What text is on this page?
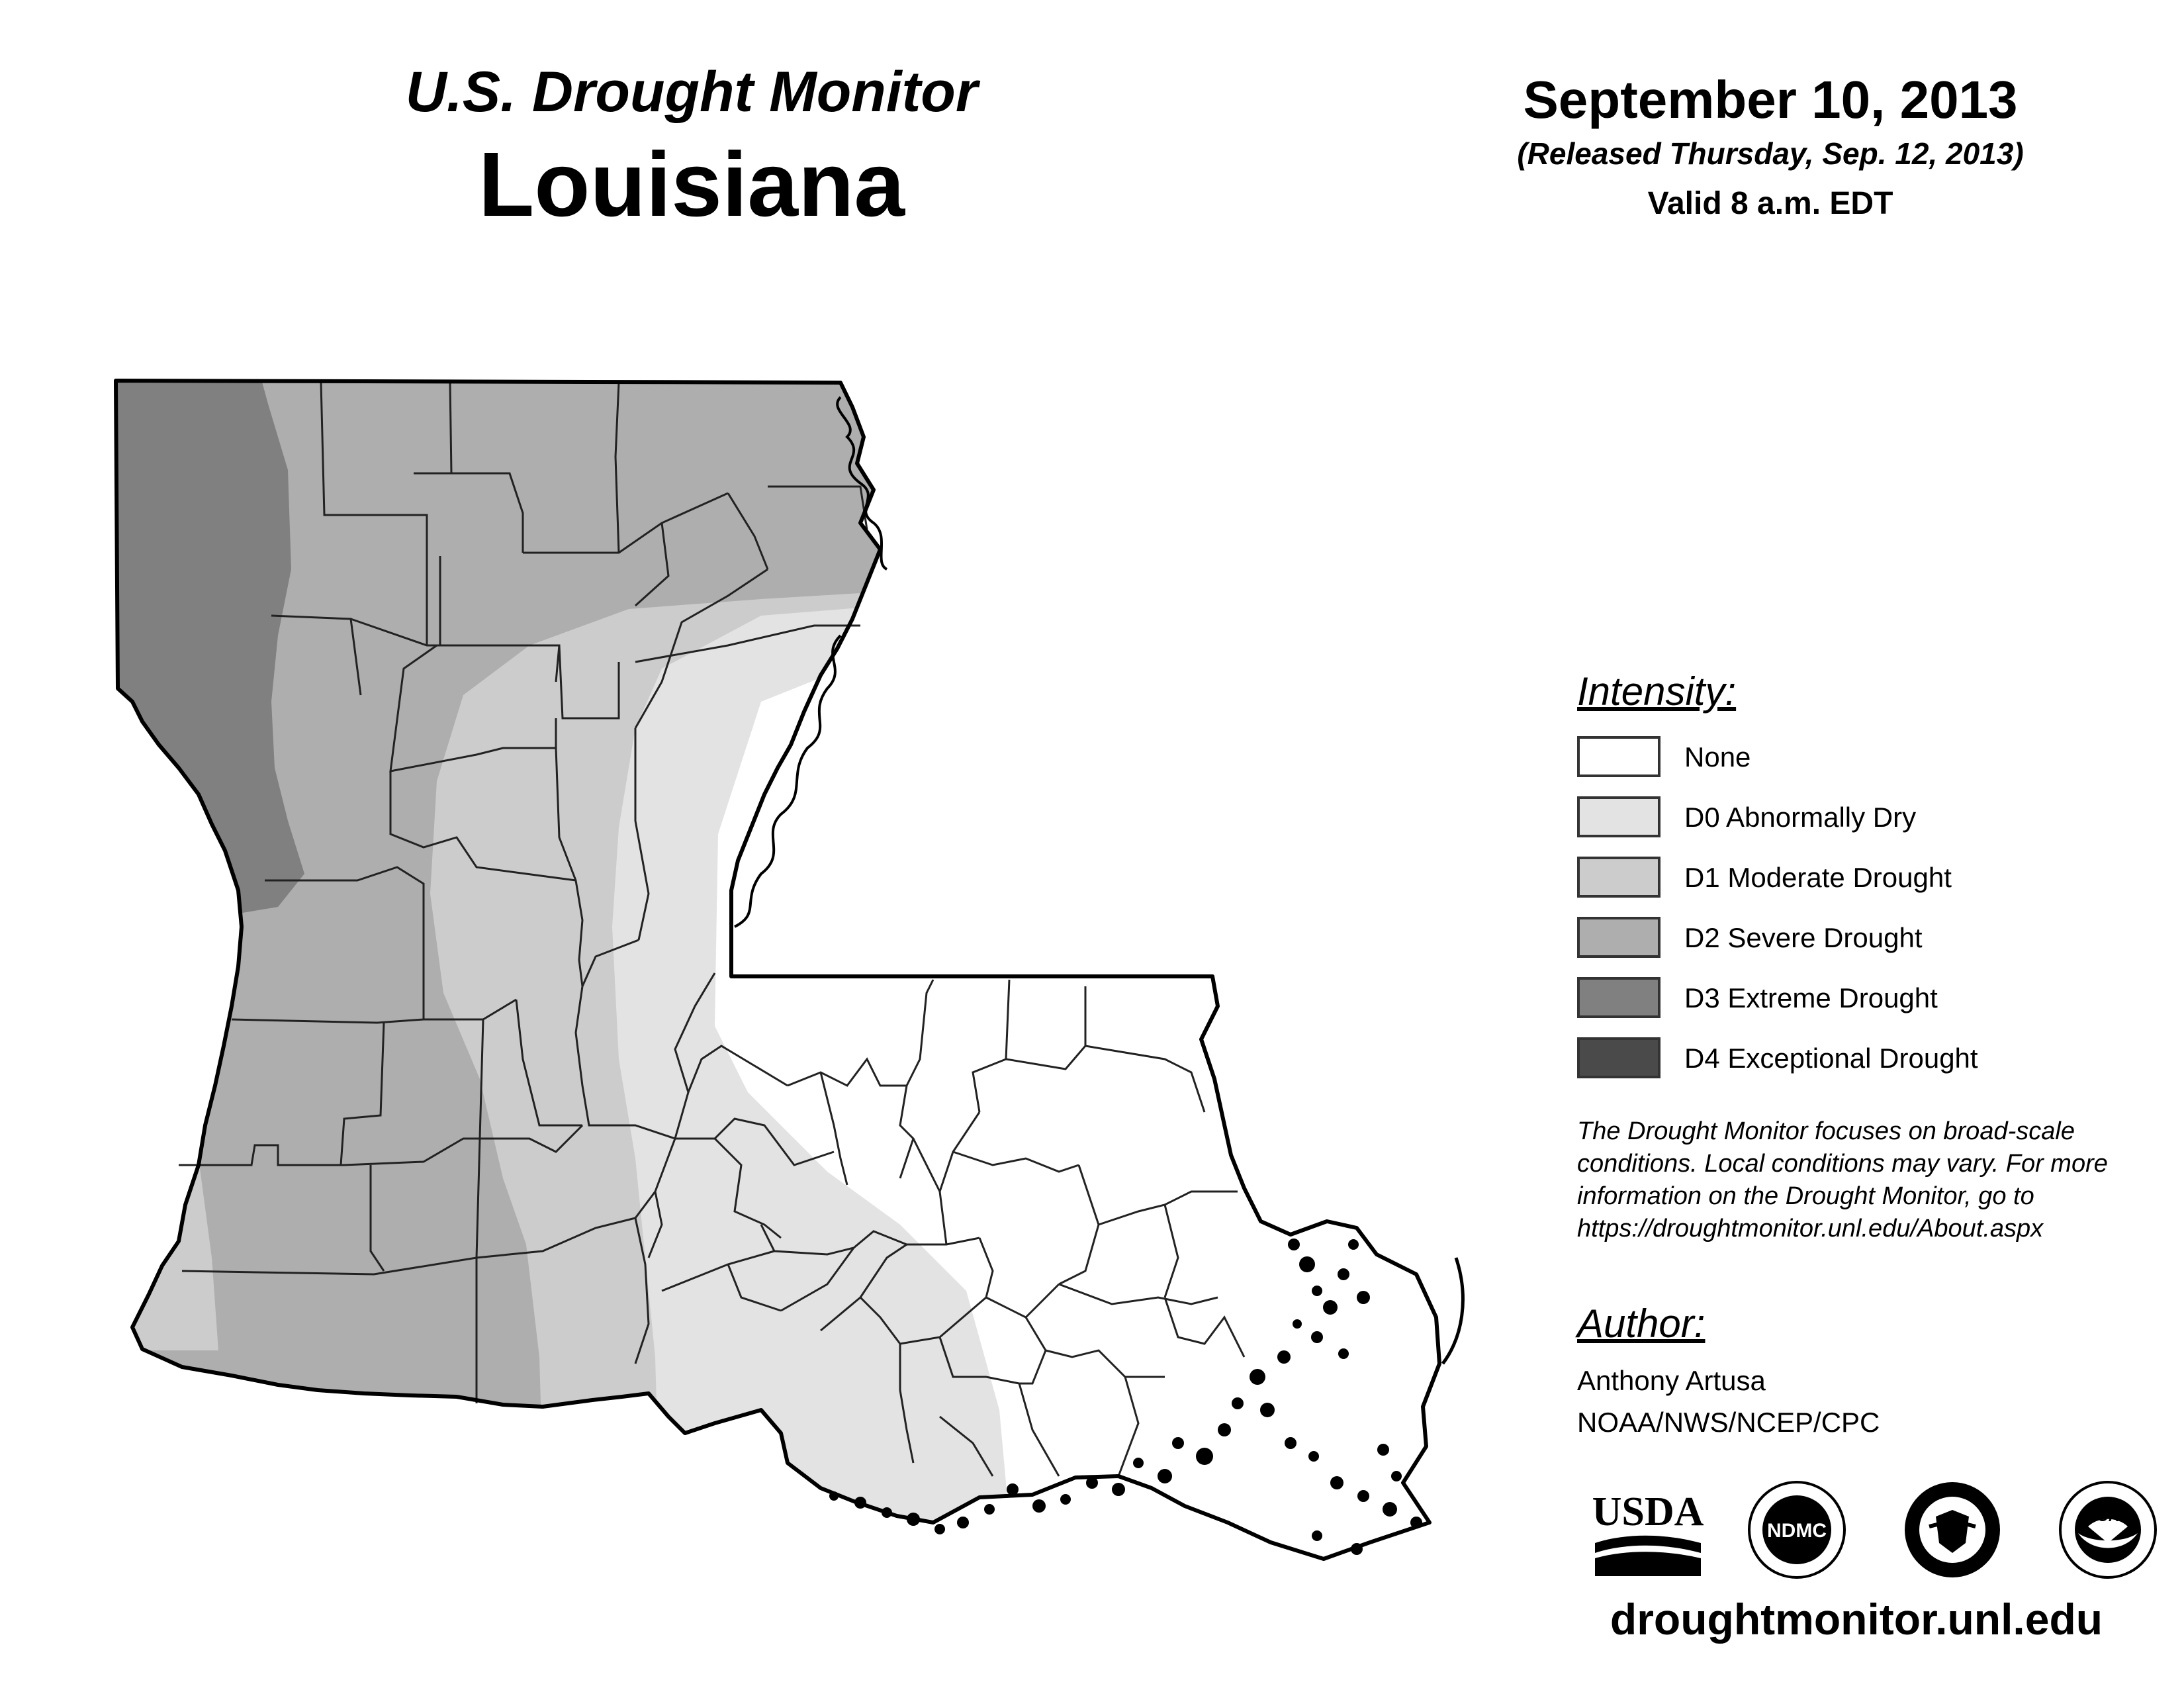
U.S. Drought Monitor
Louisiana
September 10, 2013
(Released Thursday, Sep. 12, 2013)
Valid 8 a.m. EDT
Intensity:
None
D0 Abnormally Dry
D1 Moderate Drought
D2 Severe Drought
D3 Extreme Drought
D4 Exceptional Drought
The Drought Monitor focuses on broad-scale conditions. Local conditions may vary. For more information on the Drought Monitor, go to https://droughtmonitor.unl.edu/About.aspx
Author:
Anthony Artusa
NOAA/NWS/NCEP/CPC
USDA	NDMC
NOAA
droughtmonitor.unl.edu
